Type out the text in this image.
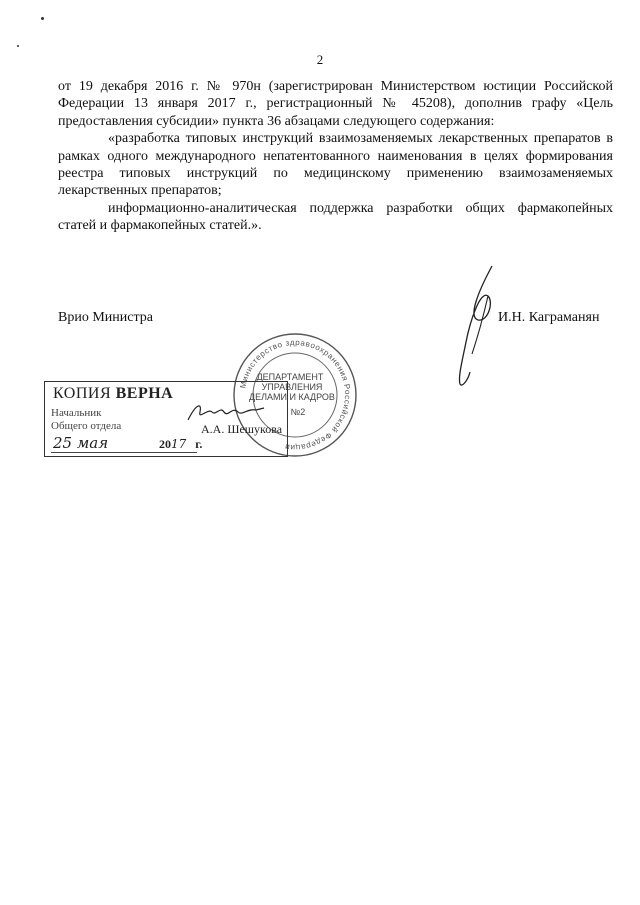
2

от 19 декабря 2016 г. № 970н (зарегистрирован Министерством юстиции Российской Федерации 13 января 2017 г., регистрационный № 45208), дополнив графу «Цель предоставления субсидии» пункта 36 абзацами следующего содержания:

«разработка типовых инструкций взаимозаменяемых лекарственных препаратов в рамках одного международного непатентованного наименования в целях формирования реестра типовых инструкций по медицинскому применению взаимозаменяемых лекарственных препаратов;

информационно-аналитическая поддержка разработки общих фармакопейных статей и фармакопейных статей.».

Врио Министра	И.Н. Каграманян
Министерство здравоохранения Российской Федерации
ДЕПАРТАМЕНТ
УПРАВЛЕНИЯ
ДЕЛАМИ И КАДРОВ
№2
КОПИЯ ВЕРНА
Начальник
Общего отдела	А.А. Шешукова
25 мая	2017 г.
